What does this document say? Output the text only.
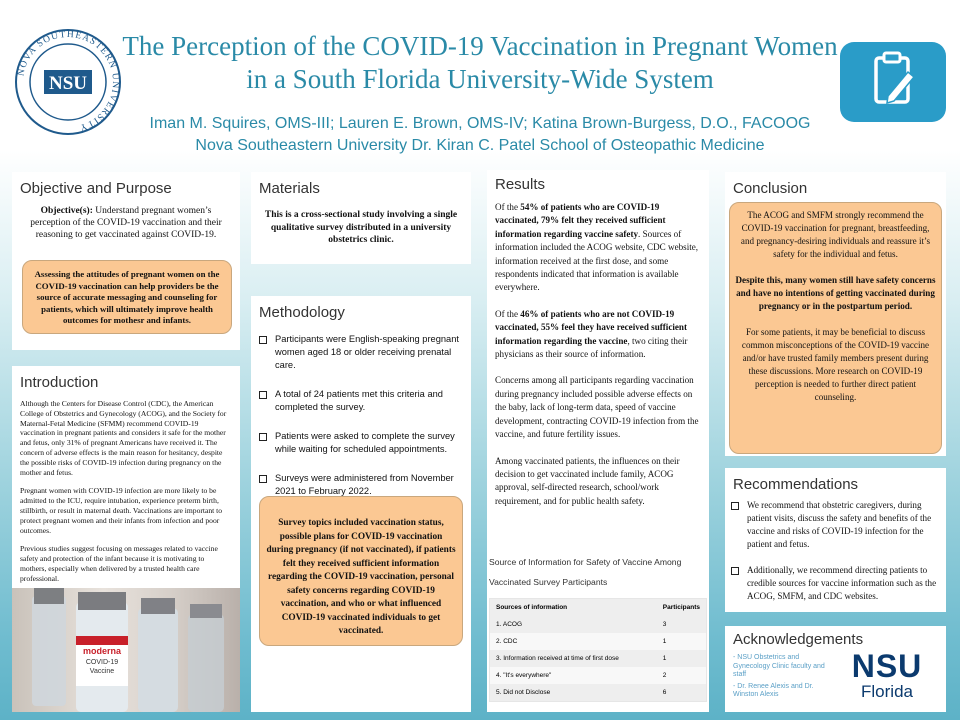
NOVA SOUTHEASTERN UNIVERSITY
NSU
The Perception of the COVID-19 Vaccination in Pregnant Women in a South Florida University-Wide System
Iman M. Squires, OMS-III; Lauren E. Brown, OMS-IV; Katina Brown-Burgess, D.O., FACOOG
Nova Southeastern University Dr. Kiran C. Patel School of Osteopathic Medicine
Objective and Purpose

Objective(s): Understand pregnant women’s perception of the COVID-19 vaccination and their reasoning to get vaccinated against COVID-19.

Assessing the attitudes of pregnant women on the COVID-19 vaccination can help providers be the source of accurate messaging and counseling for patients, which will ultimately improve health outcomes for mothesr and infants.
Introduction

Although the Centers for Disease Control (CDC), the American College of Obstetrics and Gynecology (ACOG), and the Society for Maternal-Fetal Medicine (SFMM) recommend COVID-19 vaccination in pregnant patients and considers it safe for the mother and fetus, only 31% of pregnant Americans have received it. The concern of adverse effects is the main reason for hesitancy, despite the possible risks of COVID-19 infection during pregnancy on the mother and fetus.

Pregnant women with COVID-19 infection are more likely to be admitted to the ICU, require intubation, experience preterm birth, stillbirth, or result in maternal death. Vaccinations are important to protect pregnant women and their infants from infection and poor outcomes.

Previous studies suggest focusing on messages related to vaccine safety and protection of the infant because it is motivating to mothers, especially when delivered by a trusted health care professional.

moderna
COVID-19
Vaccine
Materials

This is a cross-sectional study involving a single qualitative survey distributed in a university obstetrics clinic.

Methodology
Participants were English-speaking pregnant women aged 18 or older receiving prenatal care.
A total of 24 patients met this criteria and completed the survey.
Patients were asked to complete the survey while waiting for scheduled appointments.
Surveys were administered from November 2021 to February 2022.
Survey topics included vaccination status, possible plans for COVID-19 vaccination during pregnancy (if not vaccinated), if patients felt they received sufficient information regarding the COVID-19 vaccination, personal safety concerns regarding COVID-19 vaccination, and who or what influenced COVID-19 vaccinated individuals to get vaccinated.
Results

Of the 54% of patients who are COVID-19 vaccinated, 79% felt they received sufficient information regarding vaccine safety. Sources of information included the ACOG website, CDC website, information received at the first dose, and some respondents indicated that information is available everywhere.

Of the 46% of patients who are not COVID-19 vaccinated, 55% feel they have received sufficient information regarding the vaccine, two citing their physicians as their source of information.

Concerns among all participants regarding vaccination during pregnancy included possible adverse effects on the baby, lack of long-term data, speed of vaccine development, contracting COVID-19 infection from the vaccine, and future fertility issues.

Among vaccinated patients, the influences on their decision to get vaccinated include family, ACOG approval, self-directed research, school/work requirement, and for public health safety.

Source of Information for Safety of Vaccine Among Vaccinated Survey Participants
Sources of information	Participants
1. ACOG	3
2. CDC	1
3. Information received at time of first dose	1
4. "It's everywhere"	2
5. Did not Disclose	6
Conclusion

The ACOG and SMFM strongly recommend the COVID-19 vaccination for pregnant, breastfeeding, and pregnancy-desiring individuals and reassure it’s safety for the individual and fetus.

Despite this, many women still have safety concerns and have no intentions of getting vaccinated during pregnancy or in the postpartum period.

For some patients, it may be beneficial to discuss common misconceptions of the COVID-19 vaccine and/or have trusted family members present during these discussions. More research on COVID-19 perception is needed to further direct patient counseling.

Recommendations
We recommend that obstetric caregivers, during patient visits, discuss the safety and benefits of the vaccine and risks of COVID-19 infection for the patient and fetus.
Additionally, we recommend directing patients to credible sources for vaccine information such as the ACOG, SMFM, and CDC websites.
Acknowledgements
- NSU Obstetrics and Gynecology Clinic faculty and staff
- Dr. Renee Alexis and Dr. Winston Alexis
NSU
Florida
